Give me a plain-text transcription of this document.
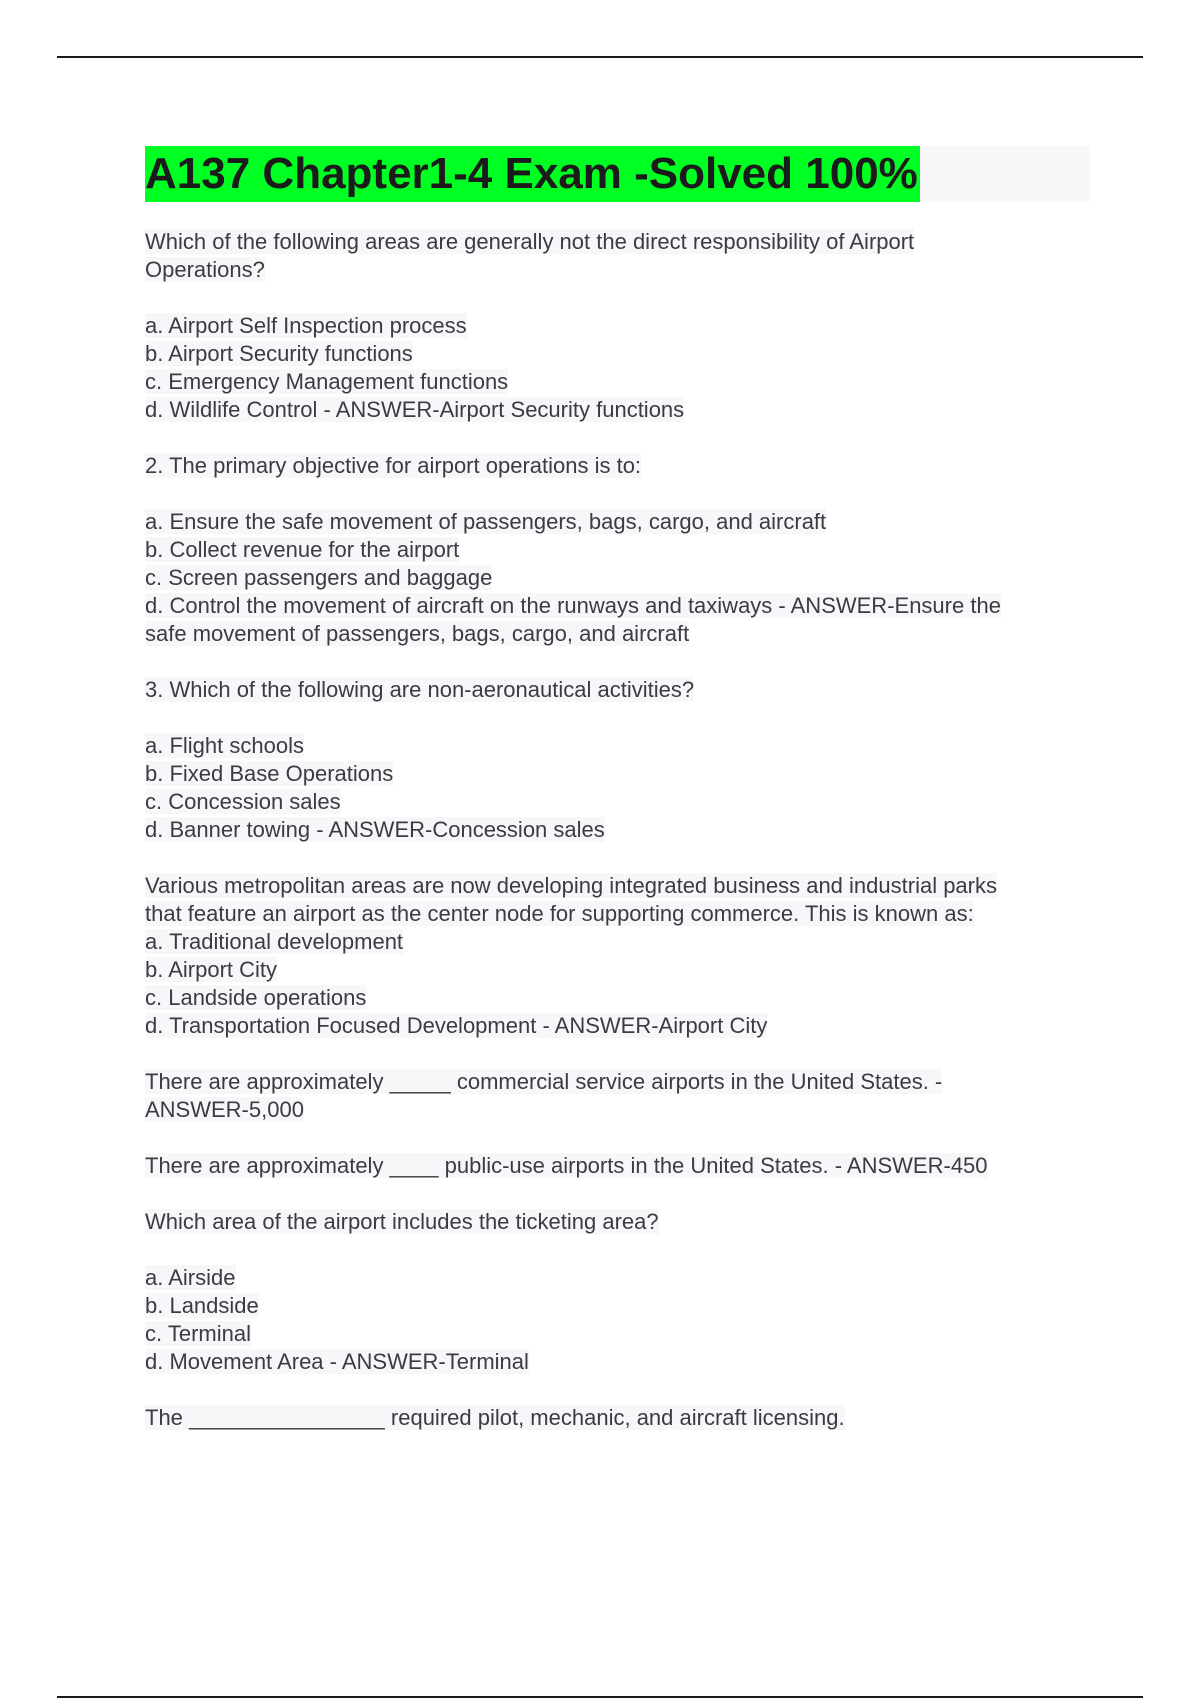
A137 Chapter1-4 Exam -Solved 100%
Which of the following areas are generally not the direct responsibility of Airport
Operations?
a. Airport Self Inspection process
b. Airport Security functions
c. Emergency Management functions
d. Wildlife Control - ANSWER-Airport Security functions
2. The primary objective for airport operations is to:
a. Ensure the safe movement of passengers, bags, cargo, and aircraft
b. Collect revenue for the airport
c. Screen passengers and baggage
d. Control the movement of aircraft on the runways and taxiways - ANSWER-Ensure the
safe movement of passengers, bags, cargo, and aircraft
3. Which of the following are non-aeronautical activities?
a. Flight schools
b. Fixed Base Operations
c. Concession sales
d. Banner towing - ANSWER-Concession sales
Various metropolitan areas are now developing integrated business and industrial parks
that feature an airport as the center node for supporting commerce. This is known as:
a. Traditional development
b. Airport City
c. Landside operations
d. Transportation Focused Development - ANSWER-Airport City
There are approximately _____ commercial service airports in the United States. -
ANSWER-5,000
There are approximately ____ public-use airports in the United States. - ANSWER-450
Which area of the airport includes the ticketing area?
a. Airside
b. Landside
c. Terminal
d. Movement Area - ANSWER-Terminal
The ________________ required pilot, mechanic, and aircraft licensing.
